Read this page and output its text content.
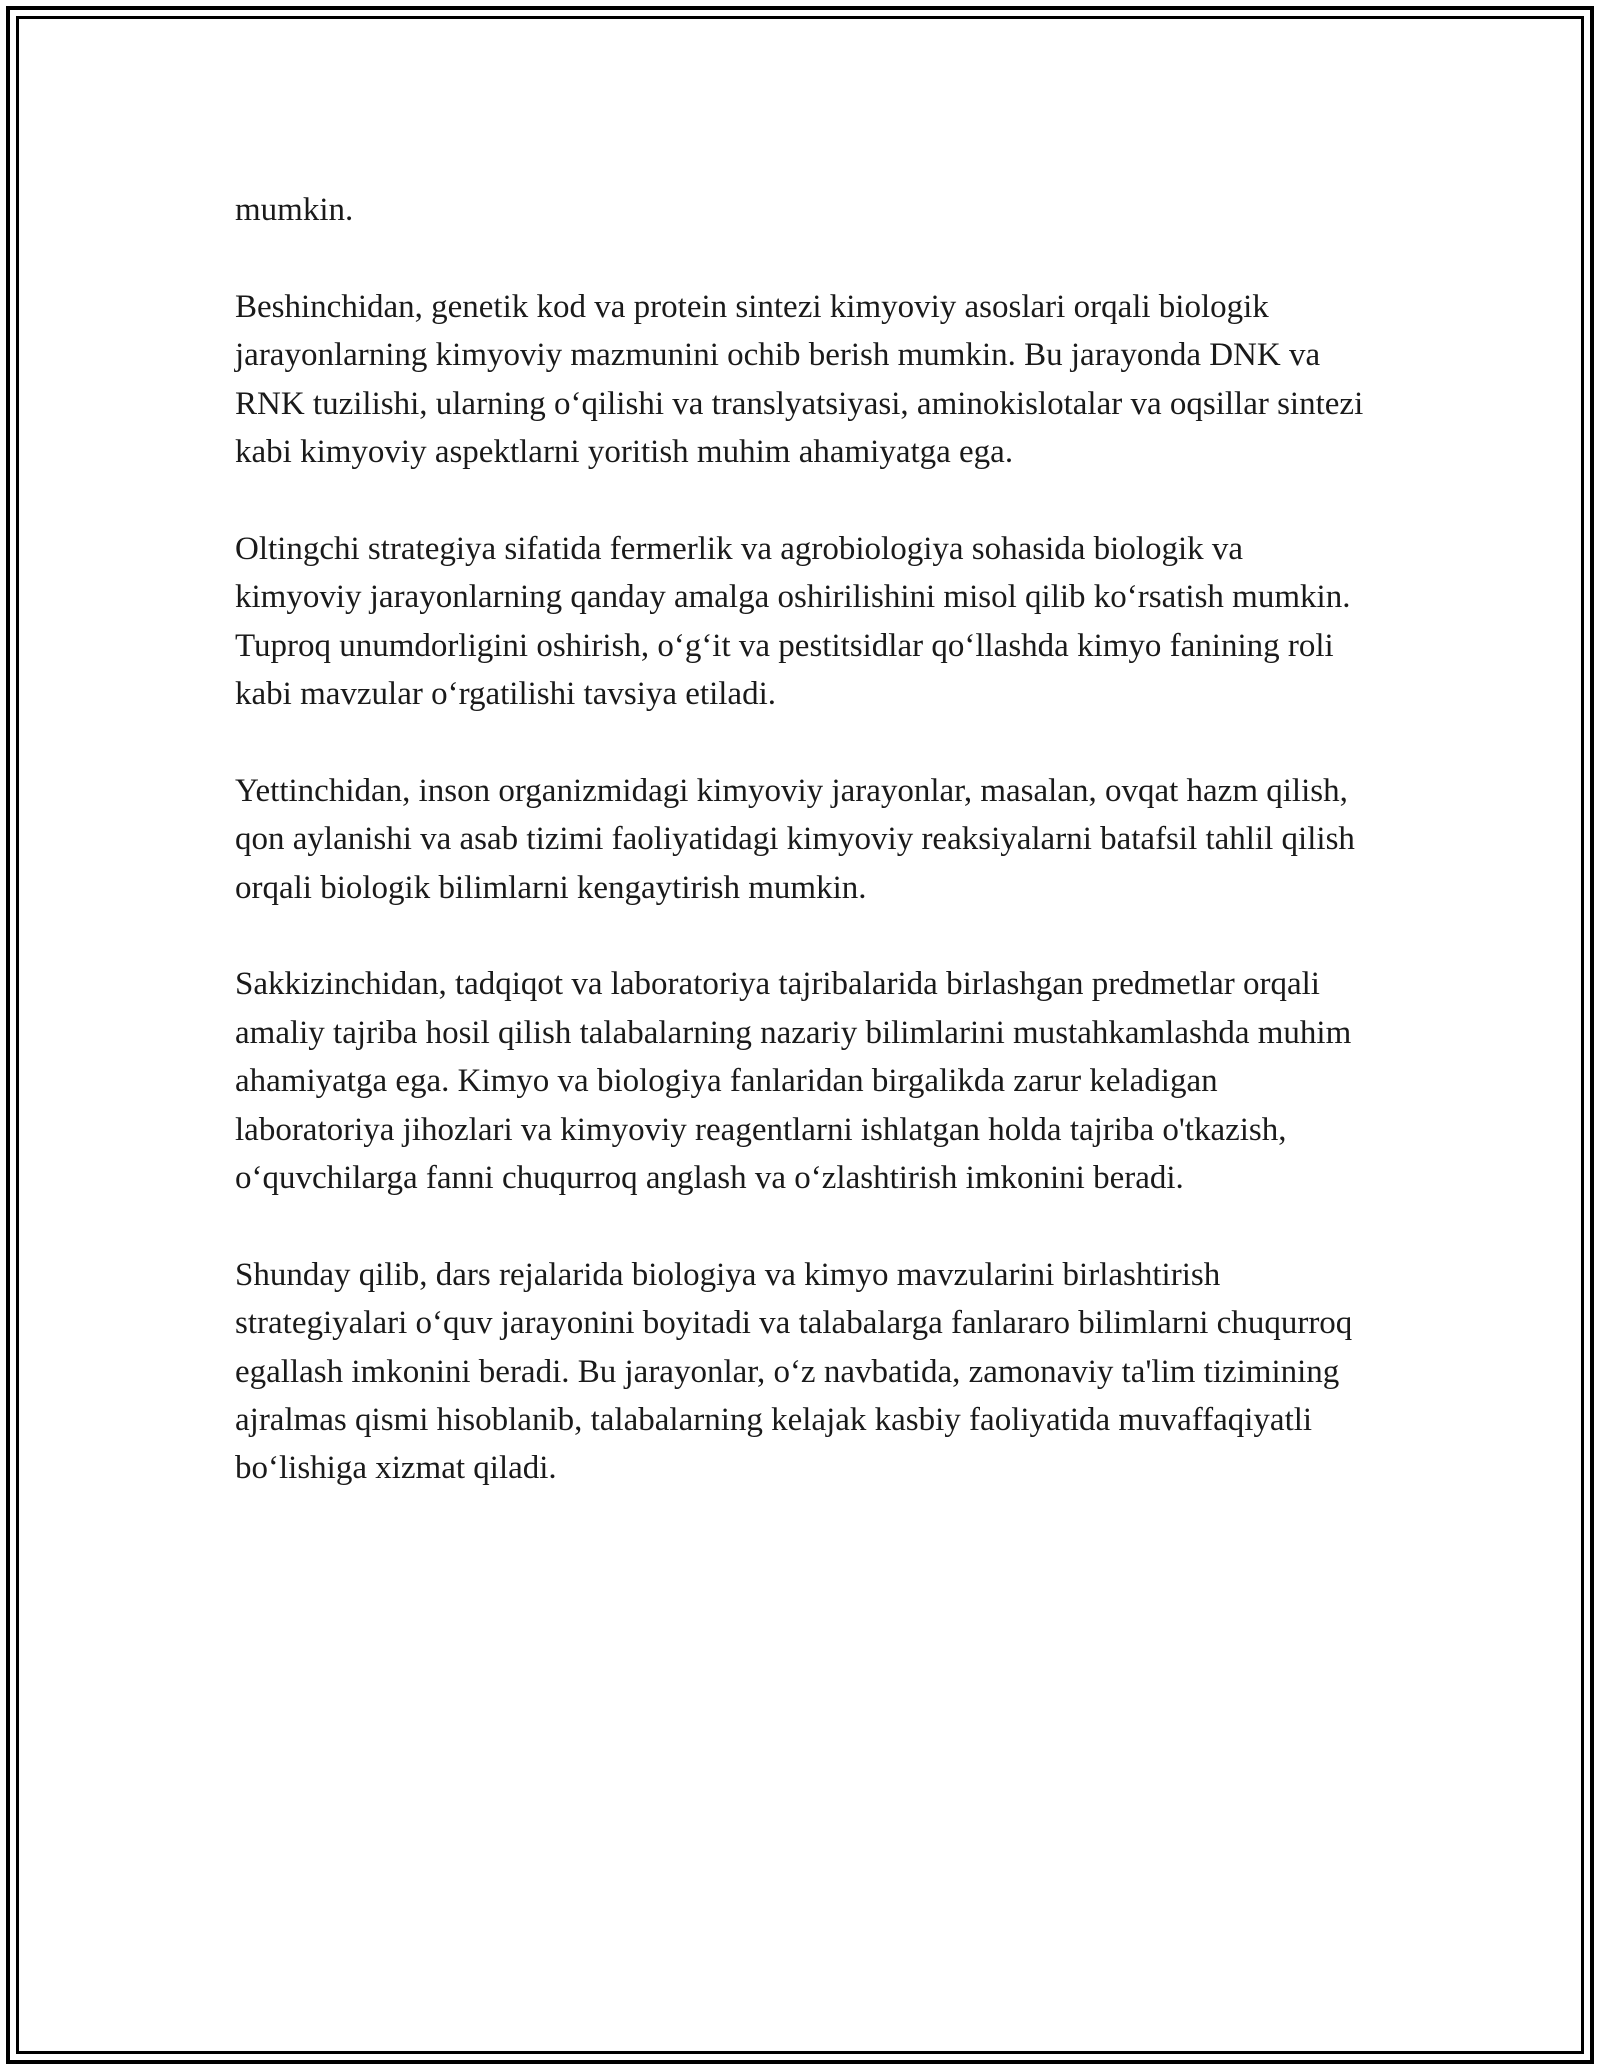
mumkin.

Beshinchidan, genetik kod va protein sintezi kimyoviy asoslari orqali biologik jarayonlarning kimyoviy mazmunini ochib berish mumkin. Bu jarayonda DNK va RNK tuzilishi, ularning oʻqilishi va translyatsiyasi, aminokislotalar va oqsillar sintezi kabi kimyoviy aspektlarni yoritish muhim ahamiyatga ega.

Oltingchi strategiya sifatida fermerlik va agrobiologiya sohasida biologik va kimyoviy jarayonlarning qanday amalga oshirilishini misol qilib koʻrsatish mumkin. Tuproq unumdorligini oshirish, oʻgʻit va pestitsidlar qoʻllashda kimyo fanining roli kabi mavzular oʻrgatilishi tavsiya etiladi.

Yettinchidan, inson organizmidagi kimyoviy jarayonlar, masalan, ovqat hazm qilish, qon aylanishi va asab tizimi faoliyatidagi kimyoviy reaksiyalarni batafsil tahlil qilish orqali biologik bilimlarni kengaytirish mumkin.

Sakkizinchidan, tadqiqot va laboratoriya tajribalarida birlashgan predmetlar orqali amaliy tajriba hosil qilish talabalarning nazariy bilimlarini mustahkamlashda muhim ahamiyatga ega. Kimyo va biologiya fanlaridan birgalikda zarur keladigan laboratoriya jihozlari va kimyoviy reagentlarni ishlatgan holda tajriba o'tkazish, oʻquvchilarga fanni chuqurroq anglash va oʻzlashtirish imkonini beradi.

Shunday qilib, dars rejalarida biologiya va kimyo mavzularini birlashtirish strategiyalari oʻquv jarayonini boyitadi va talabalarga fanlararo bilimlarni chuqurroq egallash imkonini beradi. Bu jarayonlar, oʻz navbatida, zamonaviy ta'lim tizimining ajralmas qismi hisoblanib, talabalarning kelajak kasbiy faoliyatida muvaffaqiyatli boʻlishiga xizmat qiladi.
